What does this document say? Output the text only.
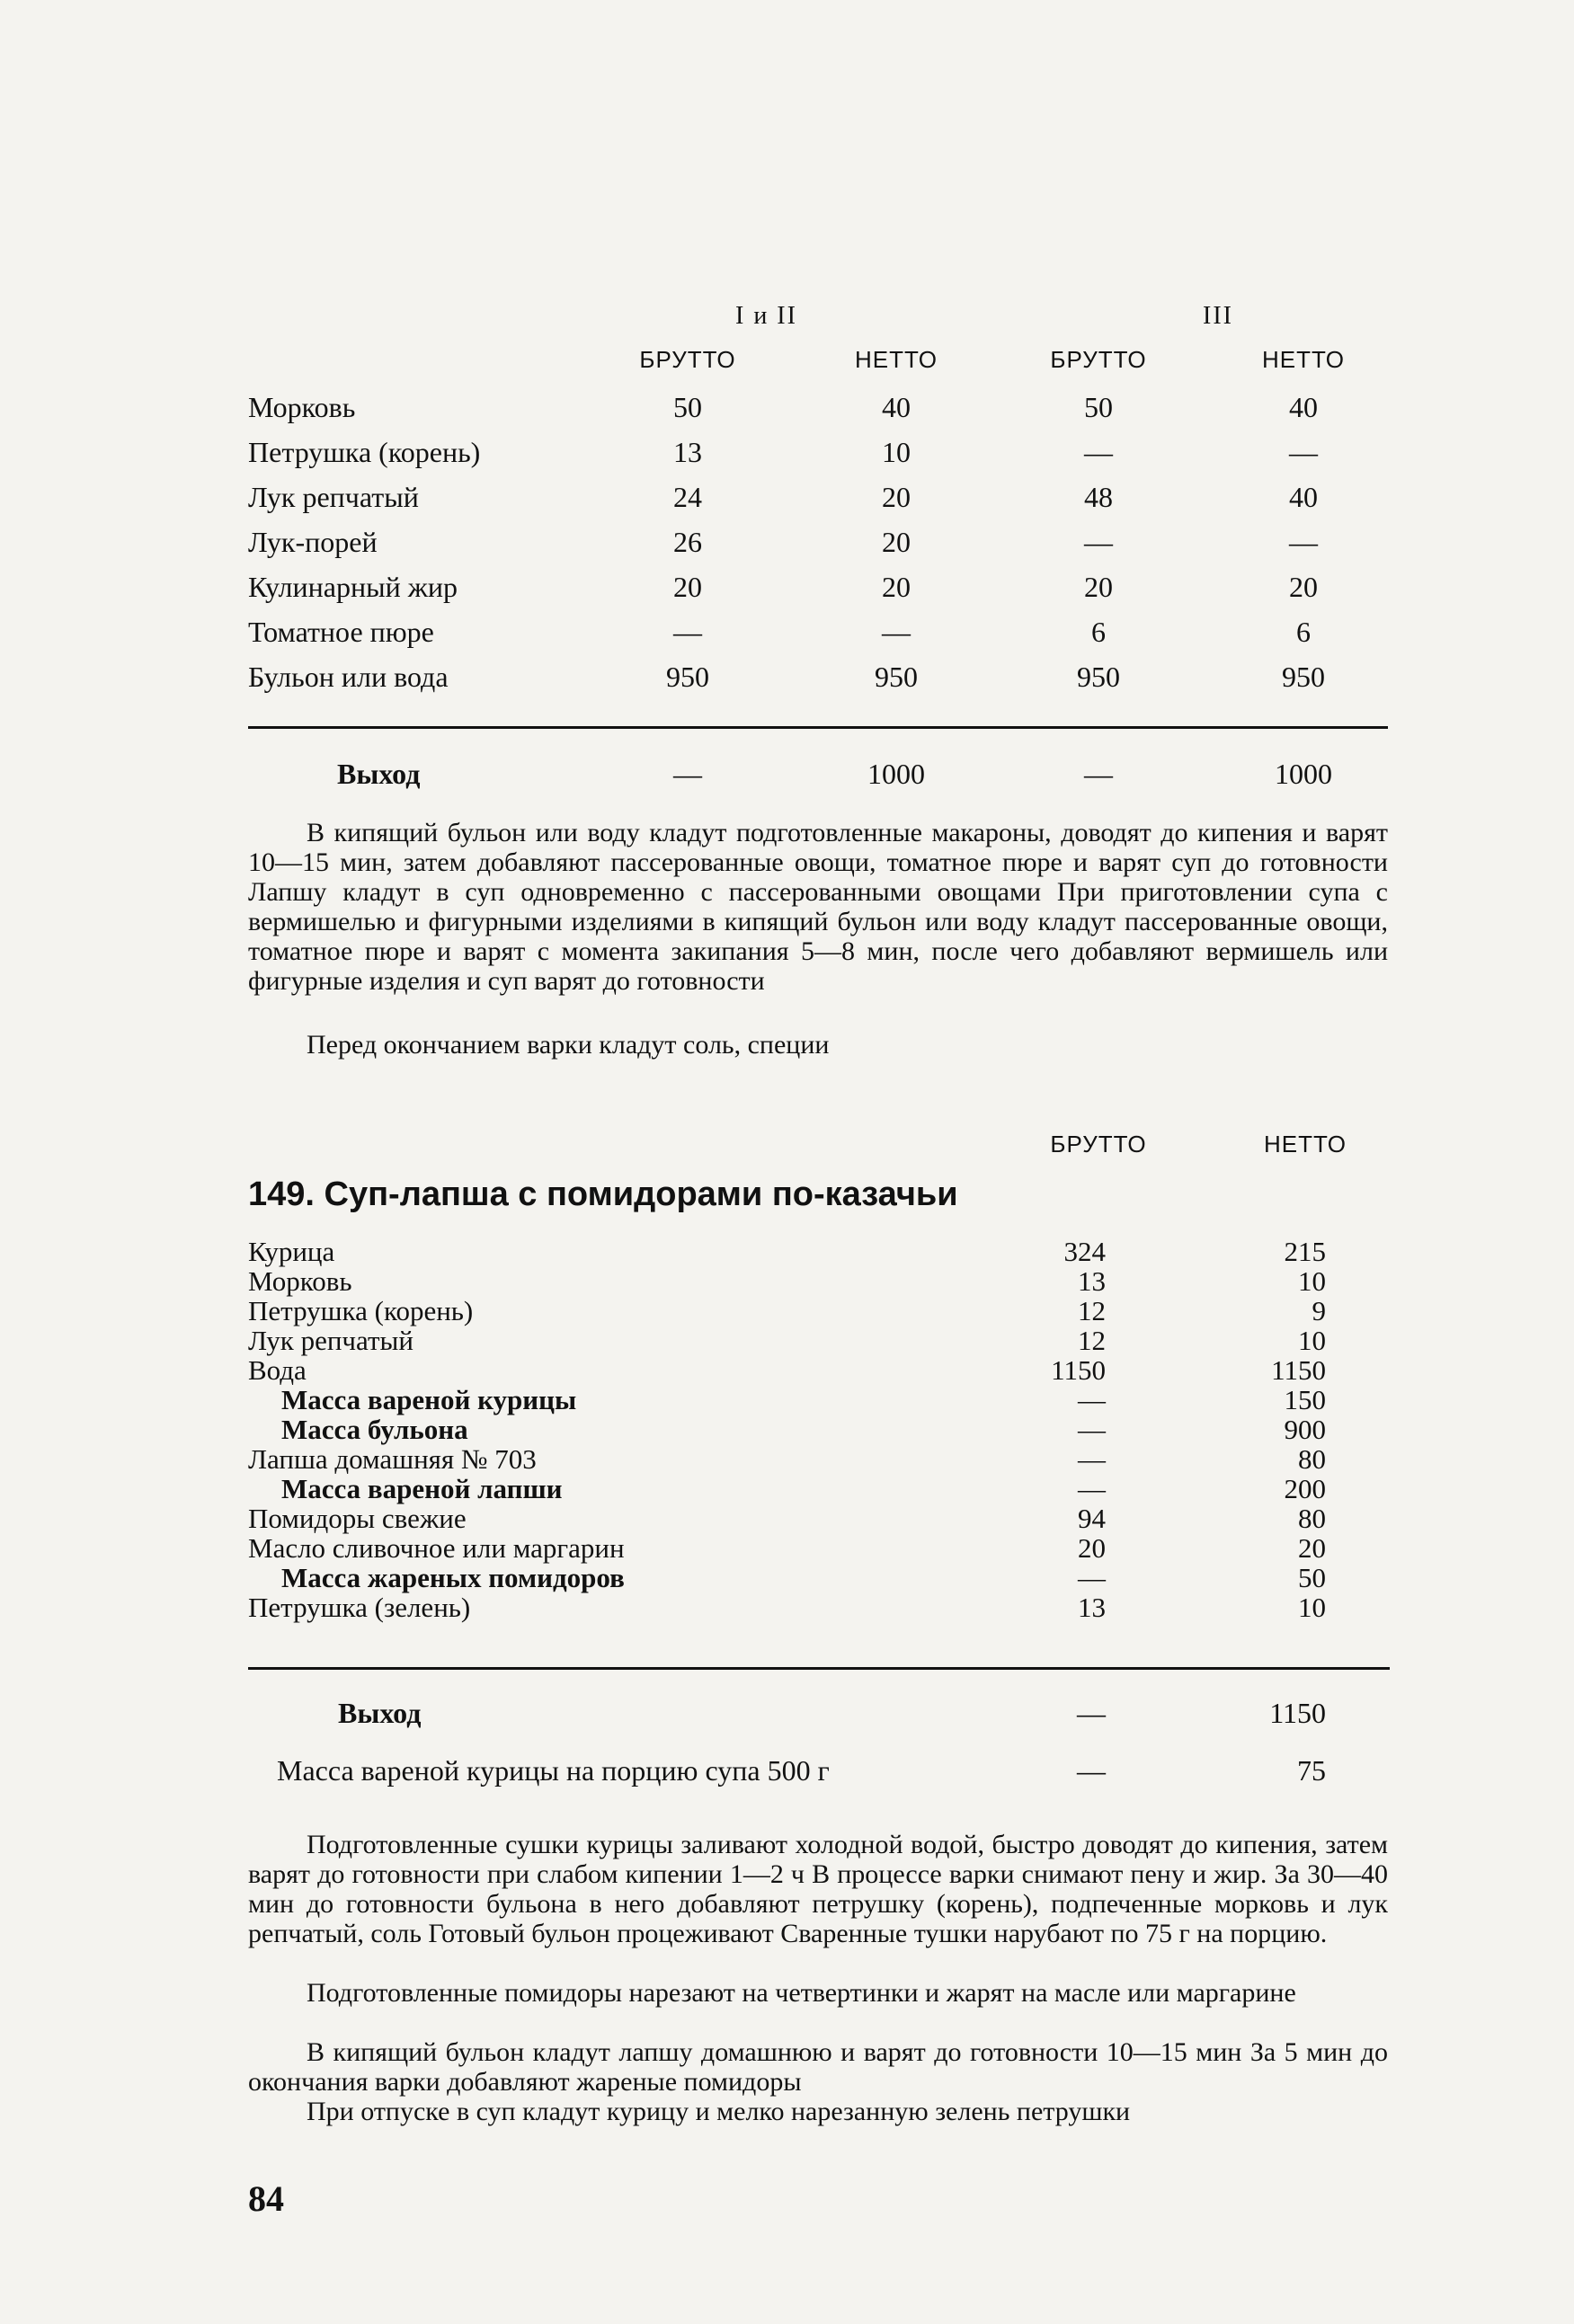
I и II	III
БРУТТО	НЕТТО	БРУТТО	НЕТТО
Морковь	50	40	50	40
Петрушка (корень)	13	10	—	—
Лук репчатый	24	20	48	40
Лук-порей	26	20	—	—
Кулинарный жир	20	20	20	20
Томатное пюре	—	—	6	6
Бульон или вода	950	950	950	950
Выход	—	1000	—	1000

В кипящий бульон или воду кладут подготовленные макароны, доводят до кипения и варят 10—15 мин, затем добавляют пассерованные овощи, томатное пюре и варят суп до готовности Лапшу кладут в суп одновременно с пассерованными овощами При приготовлении супа с вермишелью и фигурными изделиями в кипящий бульон или воду кладут пассерованные овощи, томатное пюре и варят с момента закипания 5—8 мин, после чего добавляют вермишель или фигурные изделия и суп варят до готовности

Перед окончанием варки кладут соль, специи

БРУТТО	НЕТТО
149. Суп-лапша с помидорами по-казачьи
Курица	324	215
Морковь	13	10
Петрушка (корень)	12	9
Лук репчатый	12	10
Вода	1150	1150
Масса вареной курицы	—	150
Масса бульона	—	900
Лапша домашняя № 703	—	80
Масса вареной лапши	—	200
Помидоры свежие	94	80
Масло сливочное или маргарин	20	20
Масса жареных помидоров	—	50
Петрушка (зелень)	13	10
Выход	—	1150
Масса вареной курицы на порцию супа 500 г	—	75

Подготовленные сушки курицы заливают холодной водой, быстро доводят до кипения, затем варят до готовности при слабом кипении 1—2 ч В процессе варки снимают пену и жир. За 30—40 мин до готовности бульона в него добавляют петрушку (корень), подпеченные морковь и лук репчатый, соль Готовый бульон процеживают Сваренные тушки нарубают по 75 г на порцию.

Подготовленные помидоры нарезают на четвертинки и жарят на масле или маргарине

В кипящий бульон кладут лапшу домашнюю и варят до готовности 10—15 мин За 5 мин до окончания варки добавляют жареные помидоры

При отпуске в суп кладут курицу и мелко нарезанную зелень петрушки

84
